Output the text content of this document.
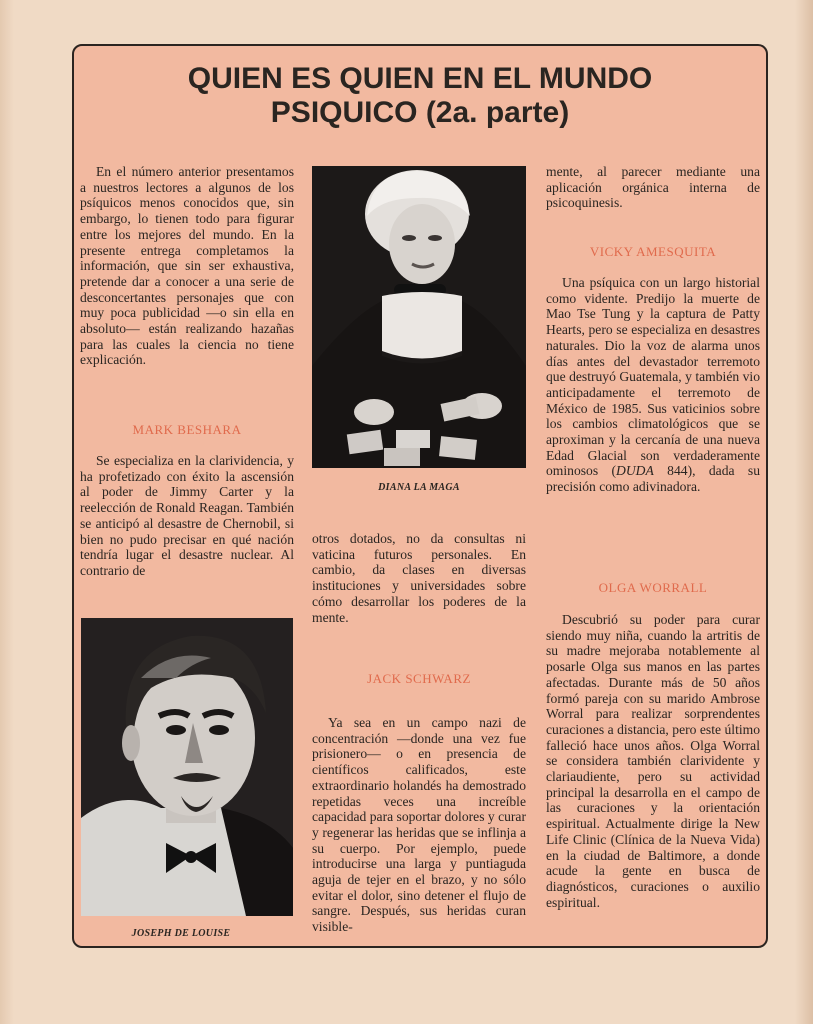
QUIEN ES QUIEN EN EL MUNDO
PSIQUICO (2a. parte)

En el número anterior presentamos a nuestros lectores a algunos de los psíquicos menos conocidos que, sin embargo, lo tienen todo para figurar entre los mejores del mundo. En la presente entrega completamos la información, que sin ser exhaustiva, pretende dar a conocer a una serie de desconcertantes personajes que con muy poca publicidad —o sin ella en absoluto— están realizando hazañas para las cuales la ciencia no tiene explicación.

MARK BESHARA

Se especializa en la clarividencia, y ha profetizado con éxito la ascensión al poder de Jimmy Carter y la reelección de Ronald Reagan. También se anticipó al desastre de Chernobil, si bien no pudo precisar en qué nación tendría lugar el desastre nuclear. Al contrario de

JOSEPH DE LOUISE
DIANA LA MAGA

otros dotados, no da consultas ni vaticina futuros personales. En cambio, da clases en diversas instituciones y universidades sobre cómo desarrollar los poderes de la mente.

JACK SCHWARZ

Ya sea en un campo nazi de concentración —donde una vez fue prisionero— o en presencia de científicos calificados, este extraordinario holandés ha demostrado repetidas veces una increíble capacidad para soportar dolores y curar y regenerar las heridas que se inflinja a su cuerpo. Por ejemplo, puede introducirse una larga y puntiaguda aguja de tejer en el brazo, y no sólo evitar el dolor, sino detener el flujo de sangre. Después, sus heridas curan visible-

mente, al parecer mediante una aplicación orgánica interna de psicoquinesis.

VICKY AMESQUITA

Una psíquica con un largo historial como vidente. Predijo la muerte de Mao Tse Tung y la captura de Patty Hearts, pero se especializa en desastres naturales. Dio la voz de alarma unos días antes del devastador terremoto que destruyó Guatemala, y también vio anticipadamente el terremoto de México de 1985. Sus vaticinios sobre los cambios climatológicos que se aproximan y la cercanía de una nueva Edad Glacial son verdaderamente ominosos (DUDA 844), dada su precisión como adivinadora.

OLGA WORRALL

Descubrió su poder para curar siendo muy niña, cuando la artritis de su madre mejoraba notablemente al posarle Olga sus manos en las partes afectadas. Durante más de 50 años formó pareja con su marido Ambrose Worral para realizar sorprendentes curaciones a distancia, pero este último falleció hace unos años. Olga Worral se considera también clarividente y clariaudiente, pero su actividad principal la desarrolla en el campo de las curaciones y la orientación espiritual. Actualmente dirige la New Life Clinic (Clínica de la Nueva Vida) en la ciudad de Baltimore, a donde acude la gente en busca de diagnósticos, curaciones o auxilio espiritual.
